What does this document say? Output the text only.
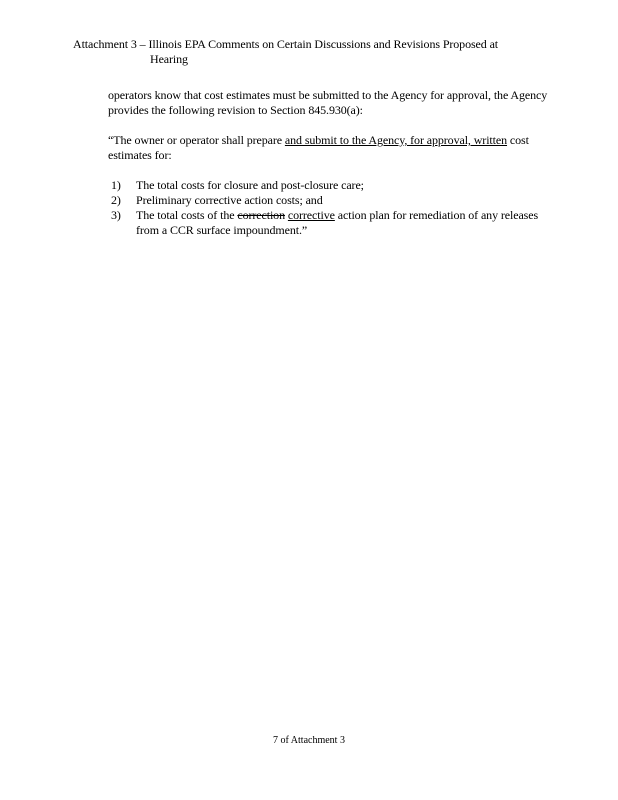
Attachment 3 – Illinois EPA Comments on Certain Discussions and Revisions Proposed at
Hearing
operators know that cost estimates must be submitted to the Agency for approval, the Agency provides the following revision to Section 845.930(a):
“The owner or operator shall prepare and submit to the Agency, for approval, written cost estimates for:
1) The total costs for closure and post-closure care;
2) Preliminary corrective action costs; and
3) The total costs of the correction corrective action plan for remediation of any releases from a CCR surface impoundment.”
7 of Attachment 3
